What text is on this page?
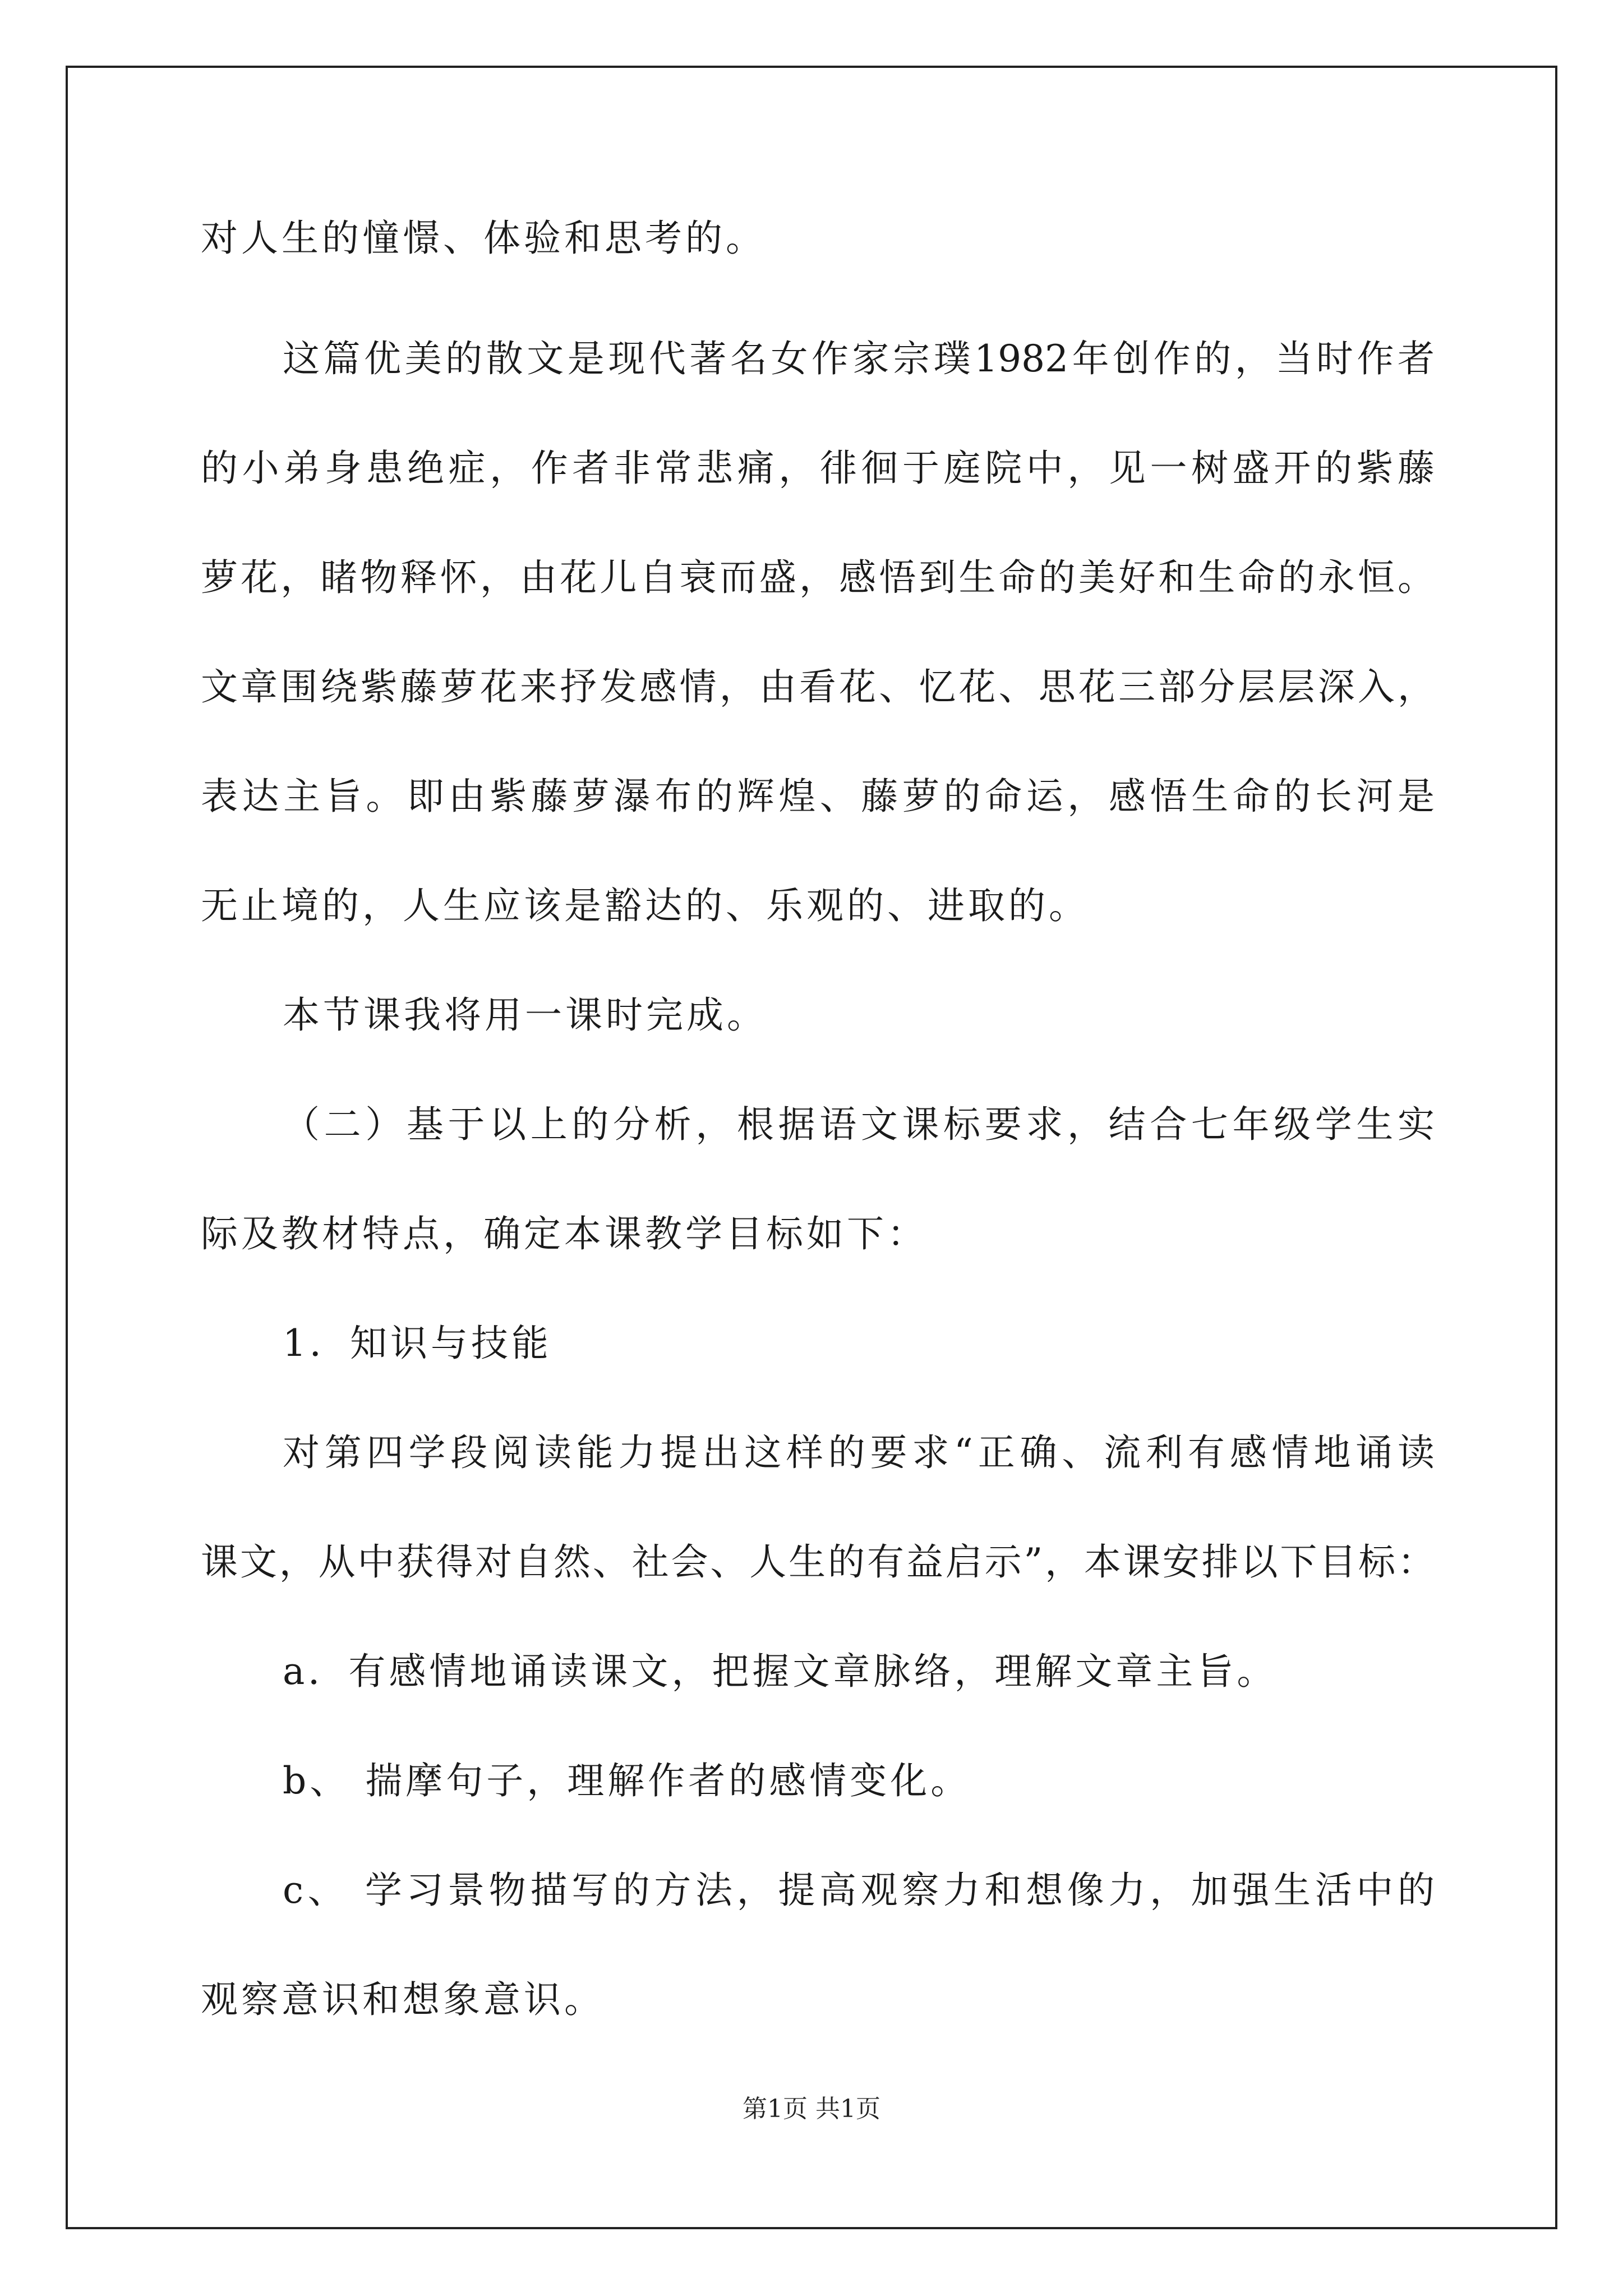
对人生的憧憬、体验和思考的。
这篇优美的散文是现代著名女作家宗璞1982年创作的，当时作者
的小弟身患绝症，作者非常悲痛，徘徊于庭院中，见一树盛开的紫藤
萝花，睹物释怀，由花儿自衰而盛，感悟到生命的美好和生命的永恒。
文章围绕紫藤萝花来抒发感情，由看花、忆花、思花三部分层层深入，
表达主旨。即由紫藤萝瀑布的辉煌、藤萝的命运，感悟生命的长河是
无止境的，人生应该是豁达的、乐观的、进取的。
本节课我将用一课时完成。
（二）基于以上的分析，根据语文课标要求，结合七年级学生实
际及教材特点，确定本课教学目标如下：
1．知识与技能
对第四学段阅读能力提出这样的要求“正确、流利有感情地诵读
课文，从中获得对自然、社会、人生的有益启示”，本课安排以下目标：
a．有感情地诵读课文，把握文章脉络，理解文章主旨。
b、 揣摩句子，理解作者的感情变化。
c、 学习景物描写的方法，提高观察力和想像力，加强生活中的
观察意识和想象意识。
第1页 共1页
